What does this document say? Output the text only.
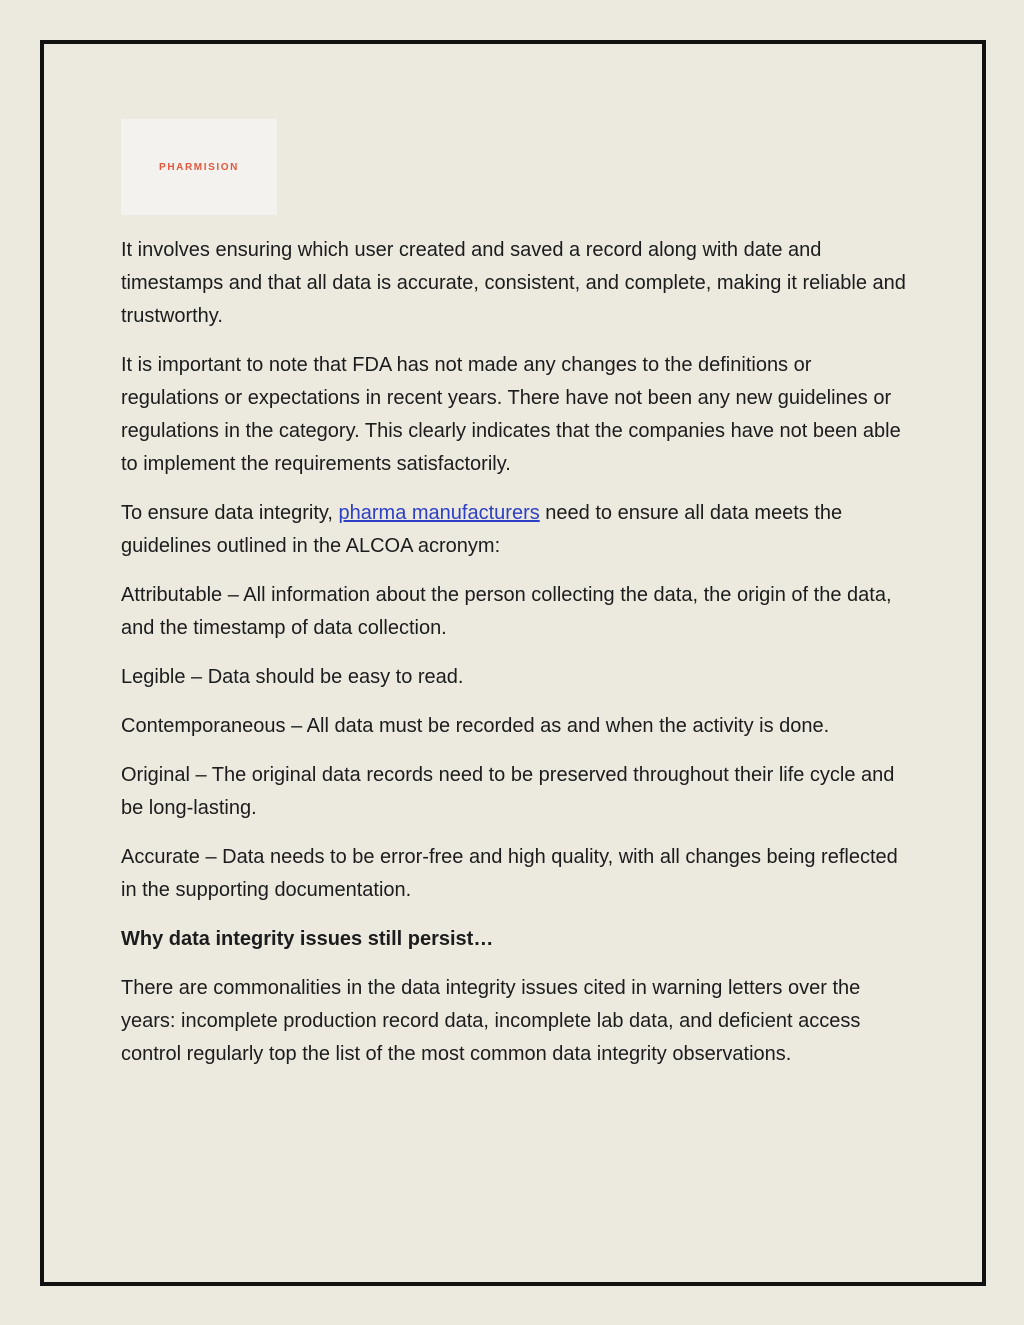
PHARMISION

It involves ensuring which user created and saved a record along with date and timestamps and that all data is accurate, consistent, and complete, making it reliable and trustworthy.

It is important to note that FDA has not made any changes to the definitions or regulations or expectations in recent years. There have not been any new guidelines or regulations in the category. This clearly indicates that the companies have not been able to implement the requirements satisfactorily.

To ensure data integrity, pharma manufacturers need to ensure all data meets the guidelines outlined in the ALCOA acronym:

Attributable – All information about the person collecting the data, the origin of the data, and the timestamp of data collection.

Legible – Data should be easy to read.

Contemporaneous – All data must be recorded as and when the activity is done.

Original – The original data records need to be preserved throughout their life cycle and be long-lasting.

Accurate – Data needs to be error-free and high quality, with all changes being reflected in the supporting documentation.

Why data integrity issues still persist…

There are commonalities in the data integrity issues cited in warning letters over the years: incomplete production record data, incomplete lab data, and deficient access control regularly top the list of the most common data integrity observations.
